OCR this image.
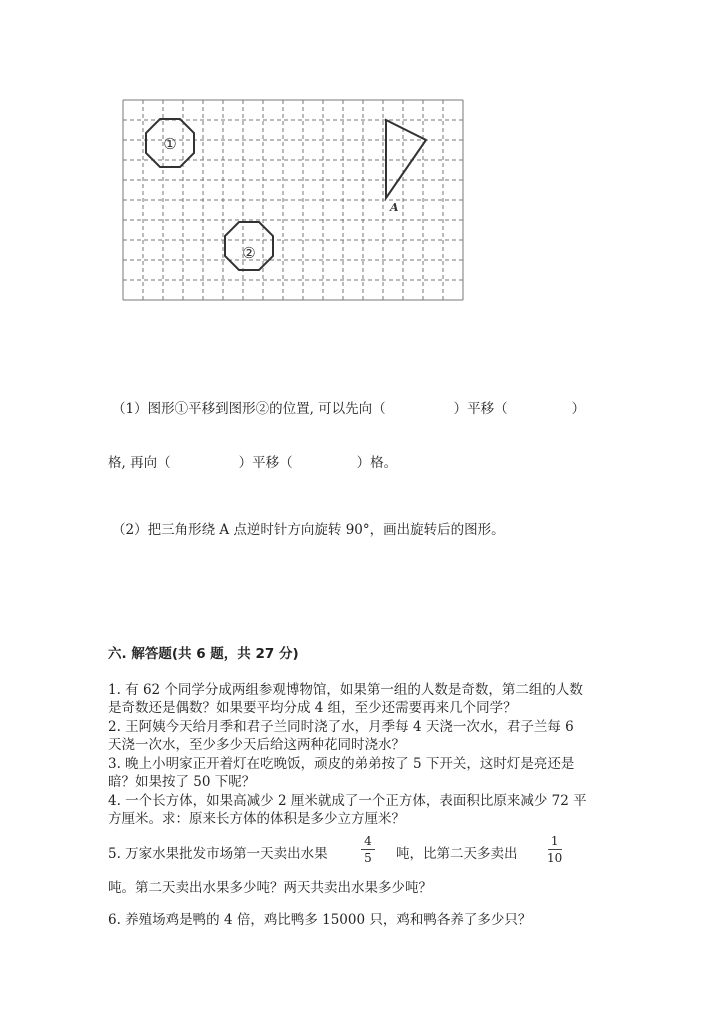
①
②
A
（1）图形①平移到图形②的位置, 可以先向（	）平移（	）
格, 再向（	）平移（	）格。
（2）把三角形绕 A 点逆时针方向旋转 90°，画出旋转后的图形。
六. 解答题(共 6 题，共 27 分)
1. 有 62 个同学分成两组参观博物馆，如果第一组的人数是奇数，第二组的人数
是奇数还是偶数？如果要平均分成 4 组，至少还需要再来几个同学？
2. 王阿姨今天给月季和君子兰同时浇了水，月季每 4 天浇一次水，君子兰每 6
天浇一次水，至少多少天后给这两种花同时浇水？
3. 晚上小明家正开着灯在吃晚饭，顽皮的弟弟按了 5 下开关，这时灯是亮还是
暗？如果按了 50 下呢？
4. 一个长方体，如果高减少 2 厘米就成了一个正方体，表面积比原来减少 72 平
方厘米。求：原来长方体的体积是多少立方厘米？
5. 万家水果批发市场第一天卖出水果
4
5 吨，比第二天多卖出
1
10
吨。第二天卖出水果多少吨？两天共卖出水果多少吨？
6. 养殖场鸡是鸭的 4 倍，鸡比鸭多 15000 只，鸡和鸭各养了多少只？
